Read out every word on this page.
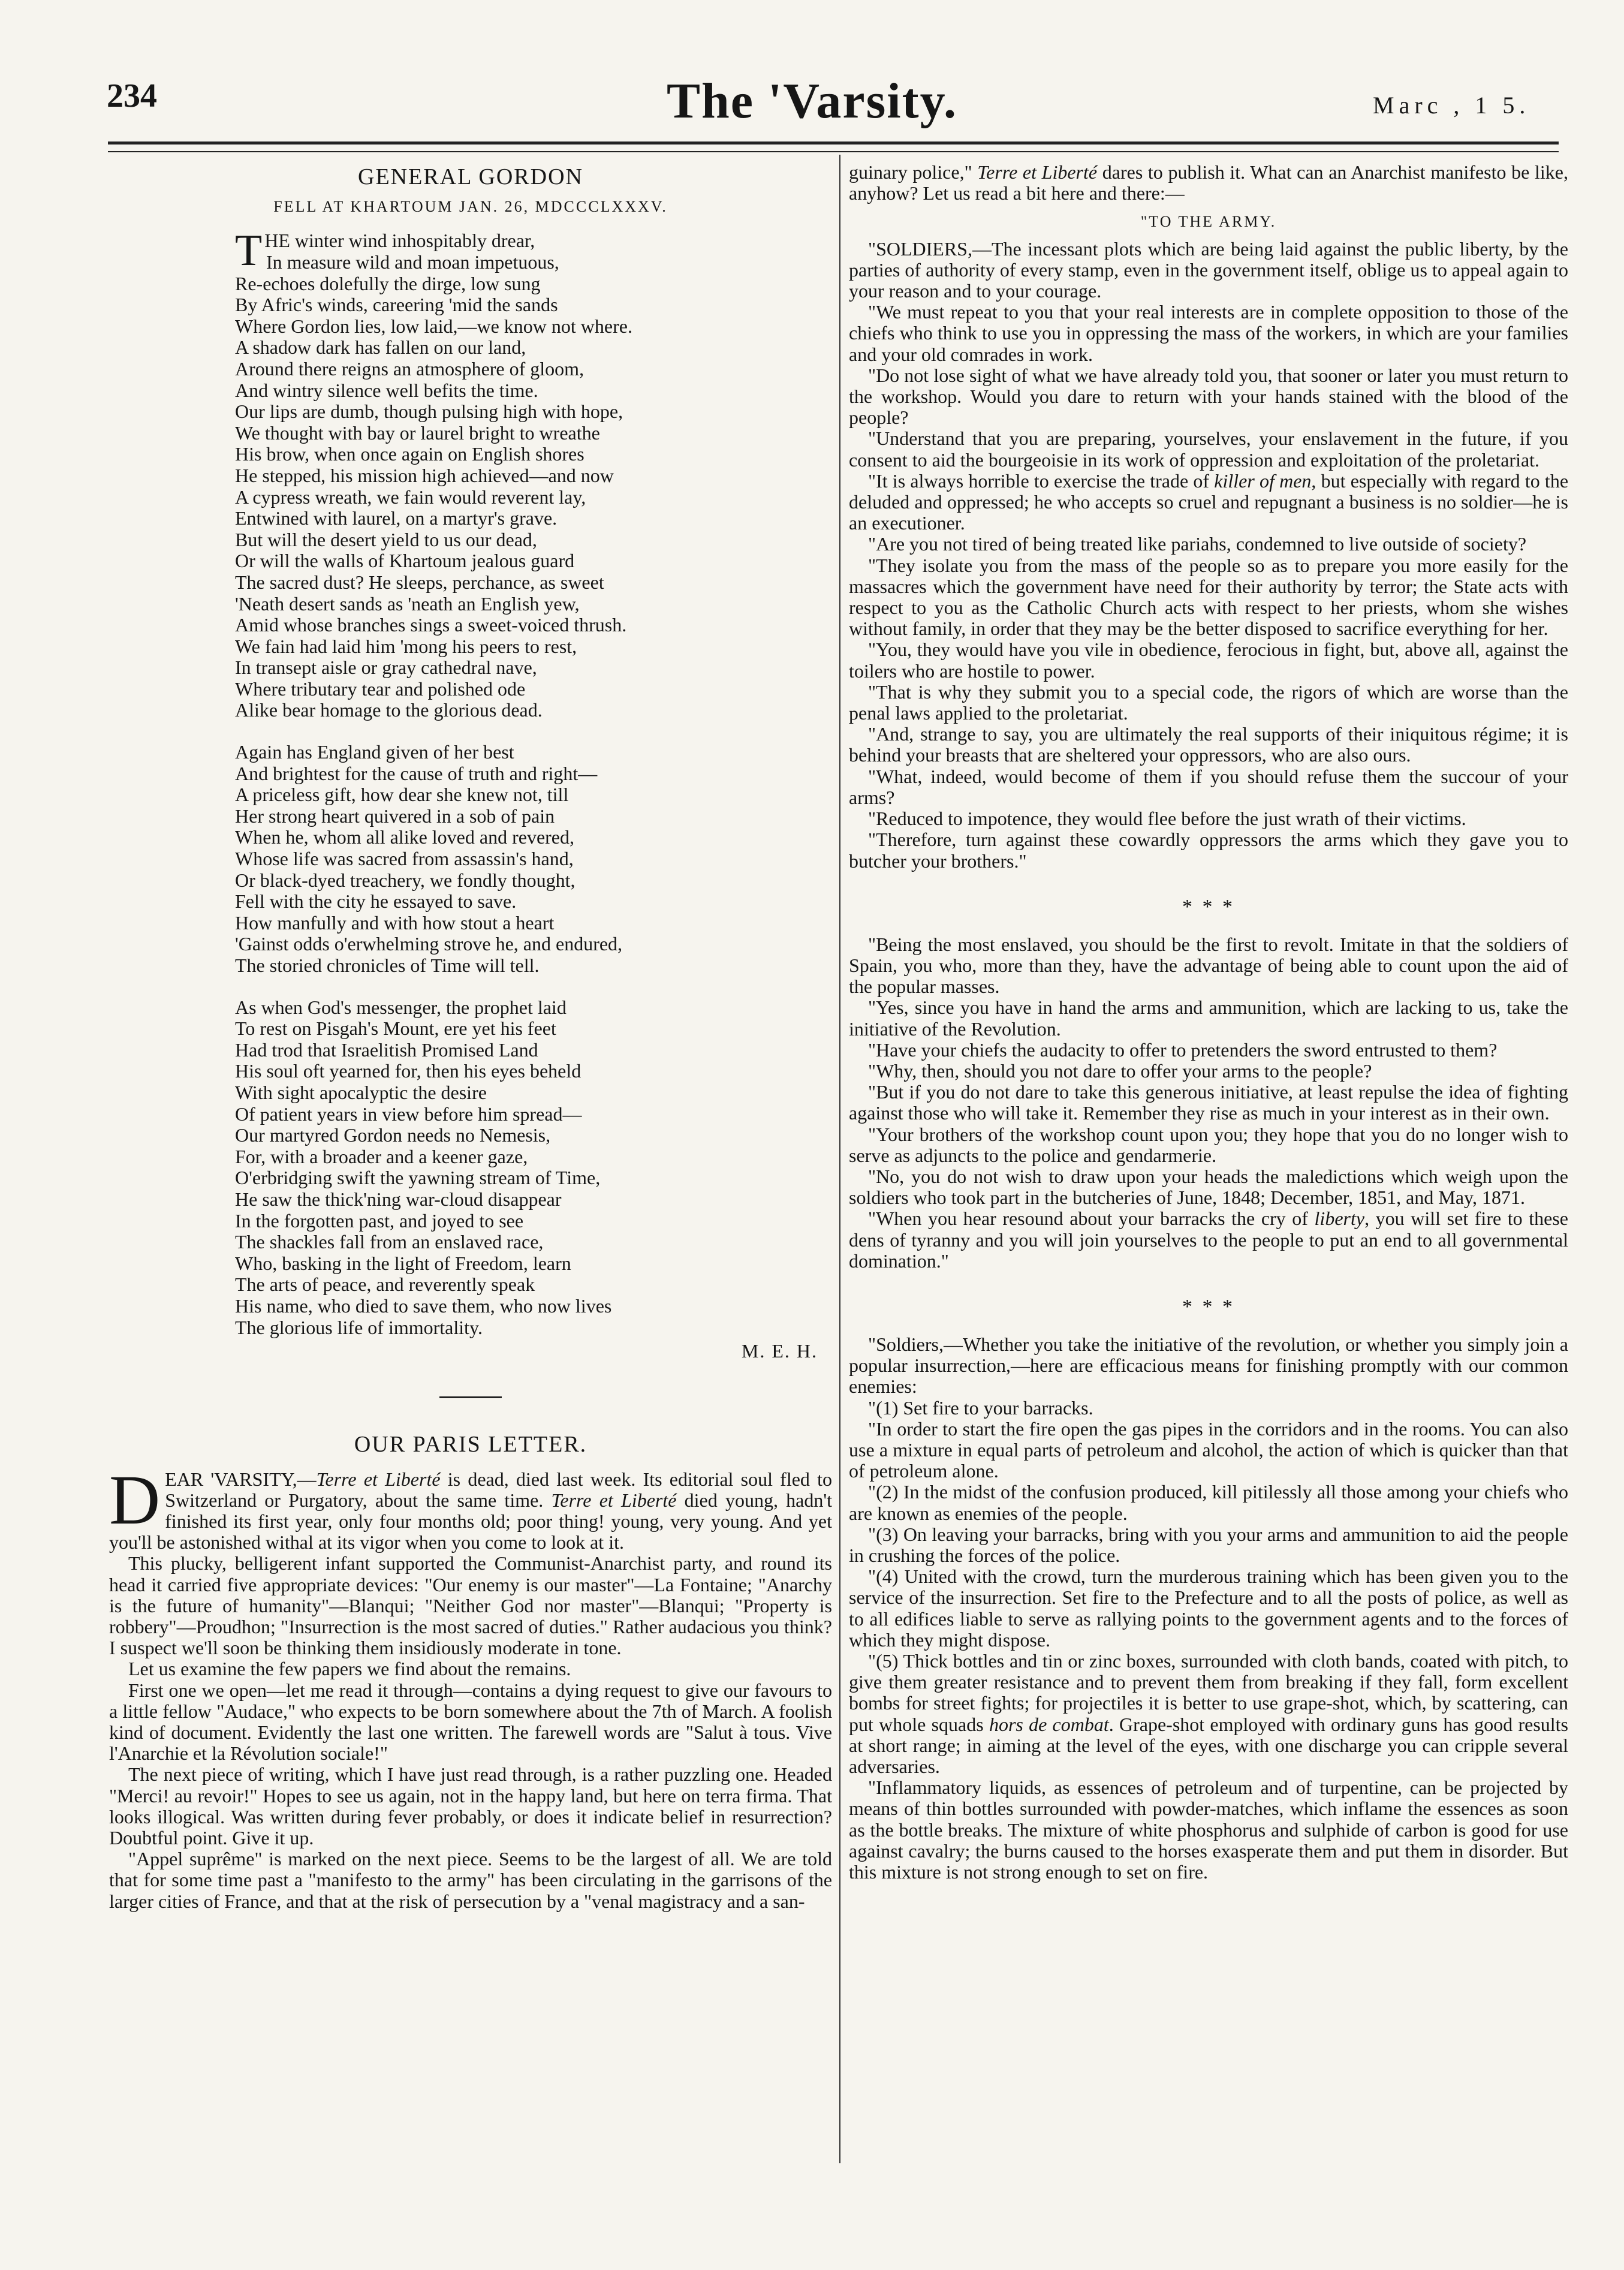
234	The 'Varsity.	Marc , 1 5.
GENERAL GORDON
FELL AT KHARTOUM JAN. 26, MDCCCLXXXV.
T HE winter wind inhospitably drear,
In measure wild and moan impetuous,
Re-echoes dolefully the dirge, low sung
By Afric's winds, careering 'mid the sands
Where Gordon lies, low laid,—we know not where.
A shadow dark has fallen on our land,
Around there reigns an atmosphere of gloom,
And wintry silence well befits the time.
Our lips are dumb, though pulsing high with hope,
We thought with bay or laurel bright to wreathe
His brow, when once again on English shores
He stepped, his mission high achieved—and now
A cypress wreath, we fain would reverent lay,
Entwined with laurel, on a martyr's grave.
But will the desert yield to us our dead,
Or will the walls of Khartoum jealous guard
The sacred dust? He sleeps, perchance, as sweet
'Neath desert sands as 'neath an English yew,
Amid whose branches sings a sweet-voiced thrush.
We fain had laid him 'mong his peers to rest,
In transept aisle or gray cathedral nave,
Where tributary tear and polished ode
Alike bear homage to the glorious dead.
Again has England given of her best
And brightest for the cause of truth and right—
A priceless gift, how dear she knew not, till
Her strong heart quivered in a sob of pain
When he, whom all alike loved and revered,
Whose life was sacred from assassin's hand,
Or black-dyed treachery, we fondly thought,
Fell with the city he essayed to save.
How manfully and with how stout a heart
'Gainst odds o'erwhelming strove he, and endured,
The storied chronicles of Time will tell.
As when God's messenger, the prophet laid
To rest on Pisgah's Mount, ere yet his feet
Had trod that Israelitish Promised Land
His soul oft yearned for, then his eyes beheld
With sight apocalyptic the desire
Of patient years in view before him spread—
Our martyred Gordon needs no Nemesis,
For, with a broader and a keener gaze,
O'erbridging swift the yawning stream of Time,
He saw the thick'ning war-cloud disappear
In the forgotten past, and joyed to see
The shackles fall from an enslaved race,
Who, basking in the light of Freedom, learn
The arts of peace, and reverently speak
His name, who died to save them, who now lives
The glorious life of immortality.
M. E. H.
OUR PARIS LETTER.

DEAR 'VARSITY,—Terre et Liberté is dead, died last week. Its editorial soul fled to Switzerland or Purgatory, about the same time. Terre et Liberté died young, hadn't finished its first year, only four months old; poor thing! young, very young. And yet you'll be astonished withal at its vigor when you come to look at it.

This plucky, belligerent infant supported the Communist-Anarchist party, and round its head it carried five appropriate devices: "Our enemy is our master"—La Fontaine; "Anarchy is the future of humanity"—Blanqui; "Neither God nor master"—Blanqui; "Property is robbery"—Proudhon; "Insurrection is the most sacred of duties." Rather audacious you think? I suspect we'll soon be thinking them insidiously moderate in tone.

Let us examine the few papers we find about the remains.

First one we open—let me read it through—contains a dying request to give our favours to a little fellow "Audace," who expects to be born somewhere about the 7th of March. A foolish kind of document. Evidently the last one written. The farewell words are "Salut à tous. Vive l'Anarchie et la Révolution sociale!"

The next piece of writing, which I have just read through, is a rather puzzling one. Headed "Merci! au revoir!" Hopes to see us again, not in the happy land, but here on terra firma. That looks illogical. Was written during fever probably, or does it indicate belief in resurrection? Doubtful point. Give it up.

"Appel suprême" is marked on the next piece. Seems to be the largest of all. We are told that for some time past a "manifesto to the army" has been circulating in the garrisons of the larger cities of France, and that at the risk of persecution by a "venal magistracy and a san-

guinary police," Terre et Liberté dares to publish it. What can an Anarchist manifesto be like, anyhow? Let us read a bit here and there:—

"TO THE ARMY.

"SOLDIERS,—The incessant plots which are being laid against the public liberty, by the parties of authority of every stamp, even in the government itself, oblige us to appeal again to your reason and to your courage.

"We must repeat to you that your real interests are in complete opposition to those of the chiefs who think to use you in oppressing the mass of the workers, in which are your families and your old comrades in work.

"Do not lose sight of what we have already told you, that sooner or later you must return to the workshop. Would you dare to return with your hands stained with the blood of the people?

"Understand that you are preparing, yourselves, your enslavement in the future, if you consent to aid the bourgeoisie in its work of oppression and exploitation of the proletariat.

"It is always horrible to exercise the trade of killer of men, but especially with regard to the deluded and oppressed; he who accepts so cruel and repugnant a business is no soldier—he is an executioner.

"Are you not tired of being treated like pariahs, condemned to live outside of society?

"They isolate you from the mass of the people so as to prepare you more easily for the massacres which the government have need for their authority by terror; the State acts with respect to you as the Catholic Church acts with respect to her priests, whom she wishes without family, in order that they may be the better disposed to sacrifice everything for her.

"You, they would have you vile in obedience, ferocious in fight, but, above all, against the toilers who are hostile to power.

"That is why they submit you to a special code, the rigors of which are worse than the penal laws applied to the proletariat.

"And, strange to say, you are ultimately the real supports of their iniquitous régime; it is behind your breasts that are sheltered your oppressors, who are also ours.

"What, indeed, would become of them if you should refuse them the succour of your arms?

"Reduced to impotence, they would flee before the just wrath of their victims.

"Therefore, turn against these cowardly oppressors the arms which they gave you to butcher your brothers."

* * *

"Being the most enslaved, you should be the first to revolt. Imitate in that the soldiers of Spain, you who, more than they, have the advantage of being able to count upon the aid of the popular masses.

"Yes, since you have in hand the arms and ammunition, which are lacking to us, take the initiative of the Revolution.

"Have your chiefs the audacity to offer to pretenders the sword entrusted to them?

"Why, then, should you not dare to offer your arms to the people?

"But if you do not dare to take this generous initiative, at least repulse the idea of fighting against those who will take it. Remember they rise as much in your interest as in their own.

"Your brothers of the workshop count upon you; they hope that you do no longer wish to serve as adjuncts to the police and gendarmerie.

"No, you do not wish to draw upon your heads the maledictions which weigh upon the soldiers who took part in the butcheries of June, 1848; December, 1851, and May, 1871.

"When you hear resound about your barracks the cry of liberty, you will set fire to these dens of tyranny and you will join yourselves to the people to put an end to all governmental domination."

* * *

"Soldiers,—Whether you take the initiative of the revolution, or whether you simply join a popular insurrection,—here are efficacious means for finishing promptly with our common enemies:

"(1) Set fire to your barracks.

"In order to start the fire open the gas pipes in the corridors and in the rooms. You can also use a mixture in equal parts of petroleum and alcohol, the action of which is quicker than that of petroleum alone.

"(2) In the midst of the confusion produced, kill pitilessly all those among your chiefs who are known as enemies of the people.

"(3) On leaving your barracks, bring with you your arms and ammunition to aid the people in crushing the forces of the police.

"(4) United with the crowd, turn the murderous training which has been given you to the service of the insurrection. Set fire to the Prefecture and to all the posts of police, as well as to all edifices liable to serve as rallying points to the government agents and to the forces of which they might dispose.

"(5) Thick bottles and tin or zinc boxes, surrounded with cloth bands, coated with pitch, to give them greater resistance and to prevent them from breaking if they fall, form excellent bombs for street fights; for projectiles it is better to use grape-shot, which, by scattering, can put whole squads hors de combat. Grape-shot employed with ordinary guns has good results at short range; in aiming at the level of the eyes, with one discharge you can cripple several adversaries.

"Inflammatory liquids, as essences of petroleum and of turpentine, can be projected by means of thin bottles surrounded with powder-matches, which inflame the essences as soon as the bottle breaks. The mixture of white phosphorus and sulphide of carbon is good for use against cavalry; the burns caused to the horses exasperate them and put them in disorder. But this mixture is not strong enough to set on fire.
